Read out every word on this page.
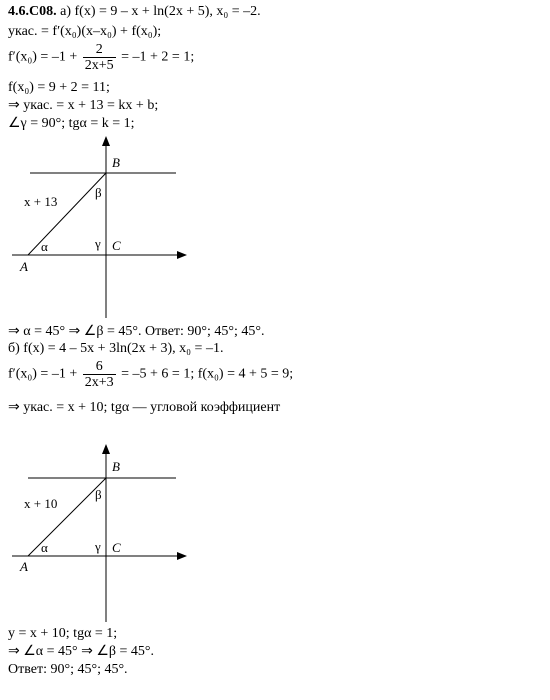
4.6.С08. а) f(x) = 9 – x + ln(2x + 5), x₀ = –2.
yкас. = f′(x₀)(x–x₀) + f(x₀);
$f'(x_0) = -1 + \frac{2}{2x+5} = -1 + 2 = 1$;
f(x₀) = 9 + 2 = 11;
⇒ yкас. = x + 13 = kx + b;
∠γ = 90°; tgα = k = 1;
x + 13
B
C
A
α
β
γ
⇒ α = 45° ⇒ ∠β = 45°. Ответ: 90°; 45°; 45°.
б) f(x) = 4 – 5x + 3ln(2x + 3), x₀ = –1.
$f'(x_0) = -1 + \frac{6}{2x+3} = -5 + 6 = 1$; f(x₀) = 4 + 5 = 9;
⇒ yкас. = x + 10; tgα — угловой коэффициент
x + 10
B
C
A
α
β
γ
y = x + 10; tgα = 1;
⇒ ∠α = 45° ⇒ ∠β = 45°.
Ответ: 90°; 45°; 45°.
